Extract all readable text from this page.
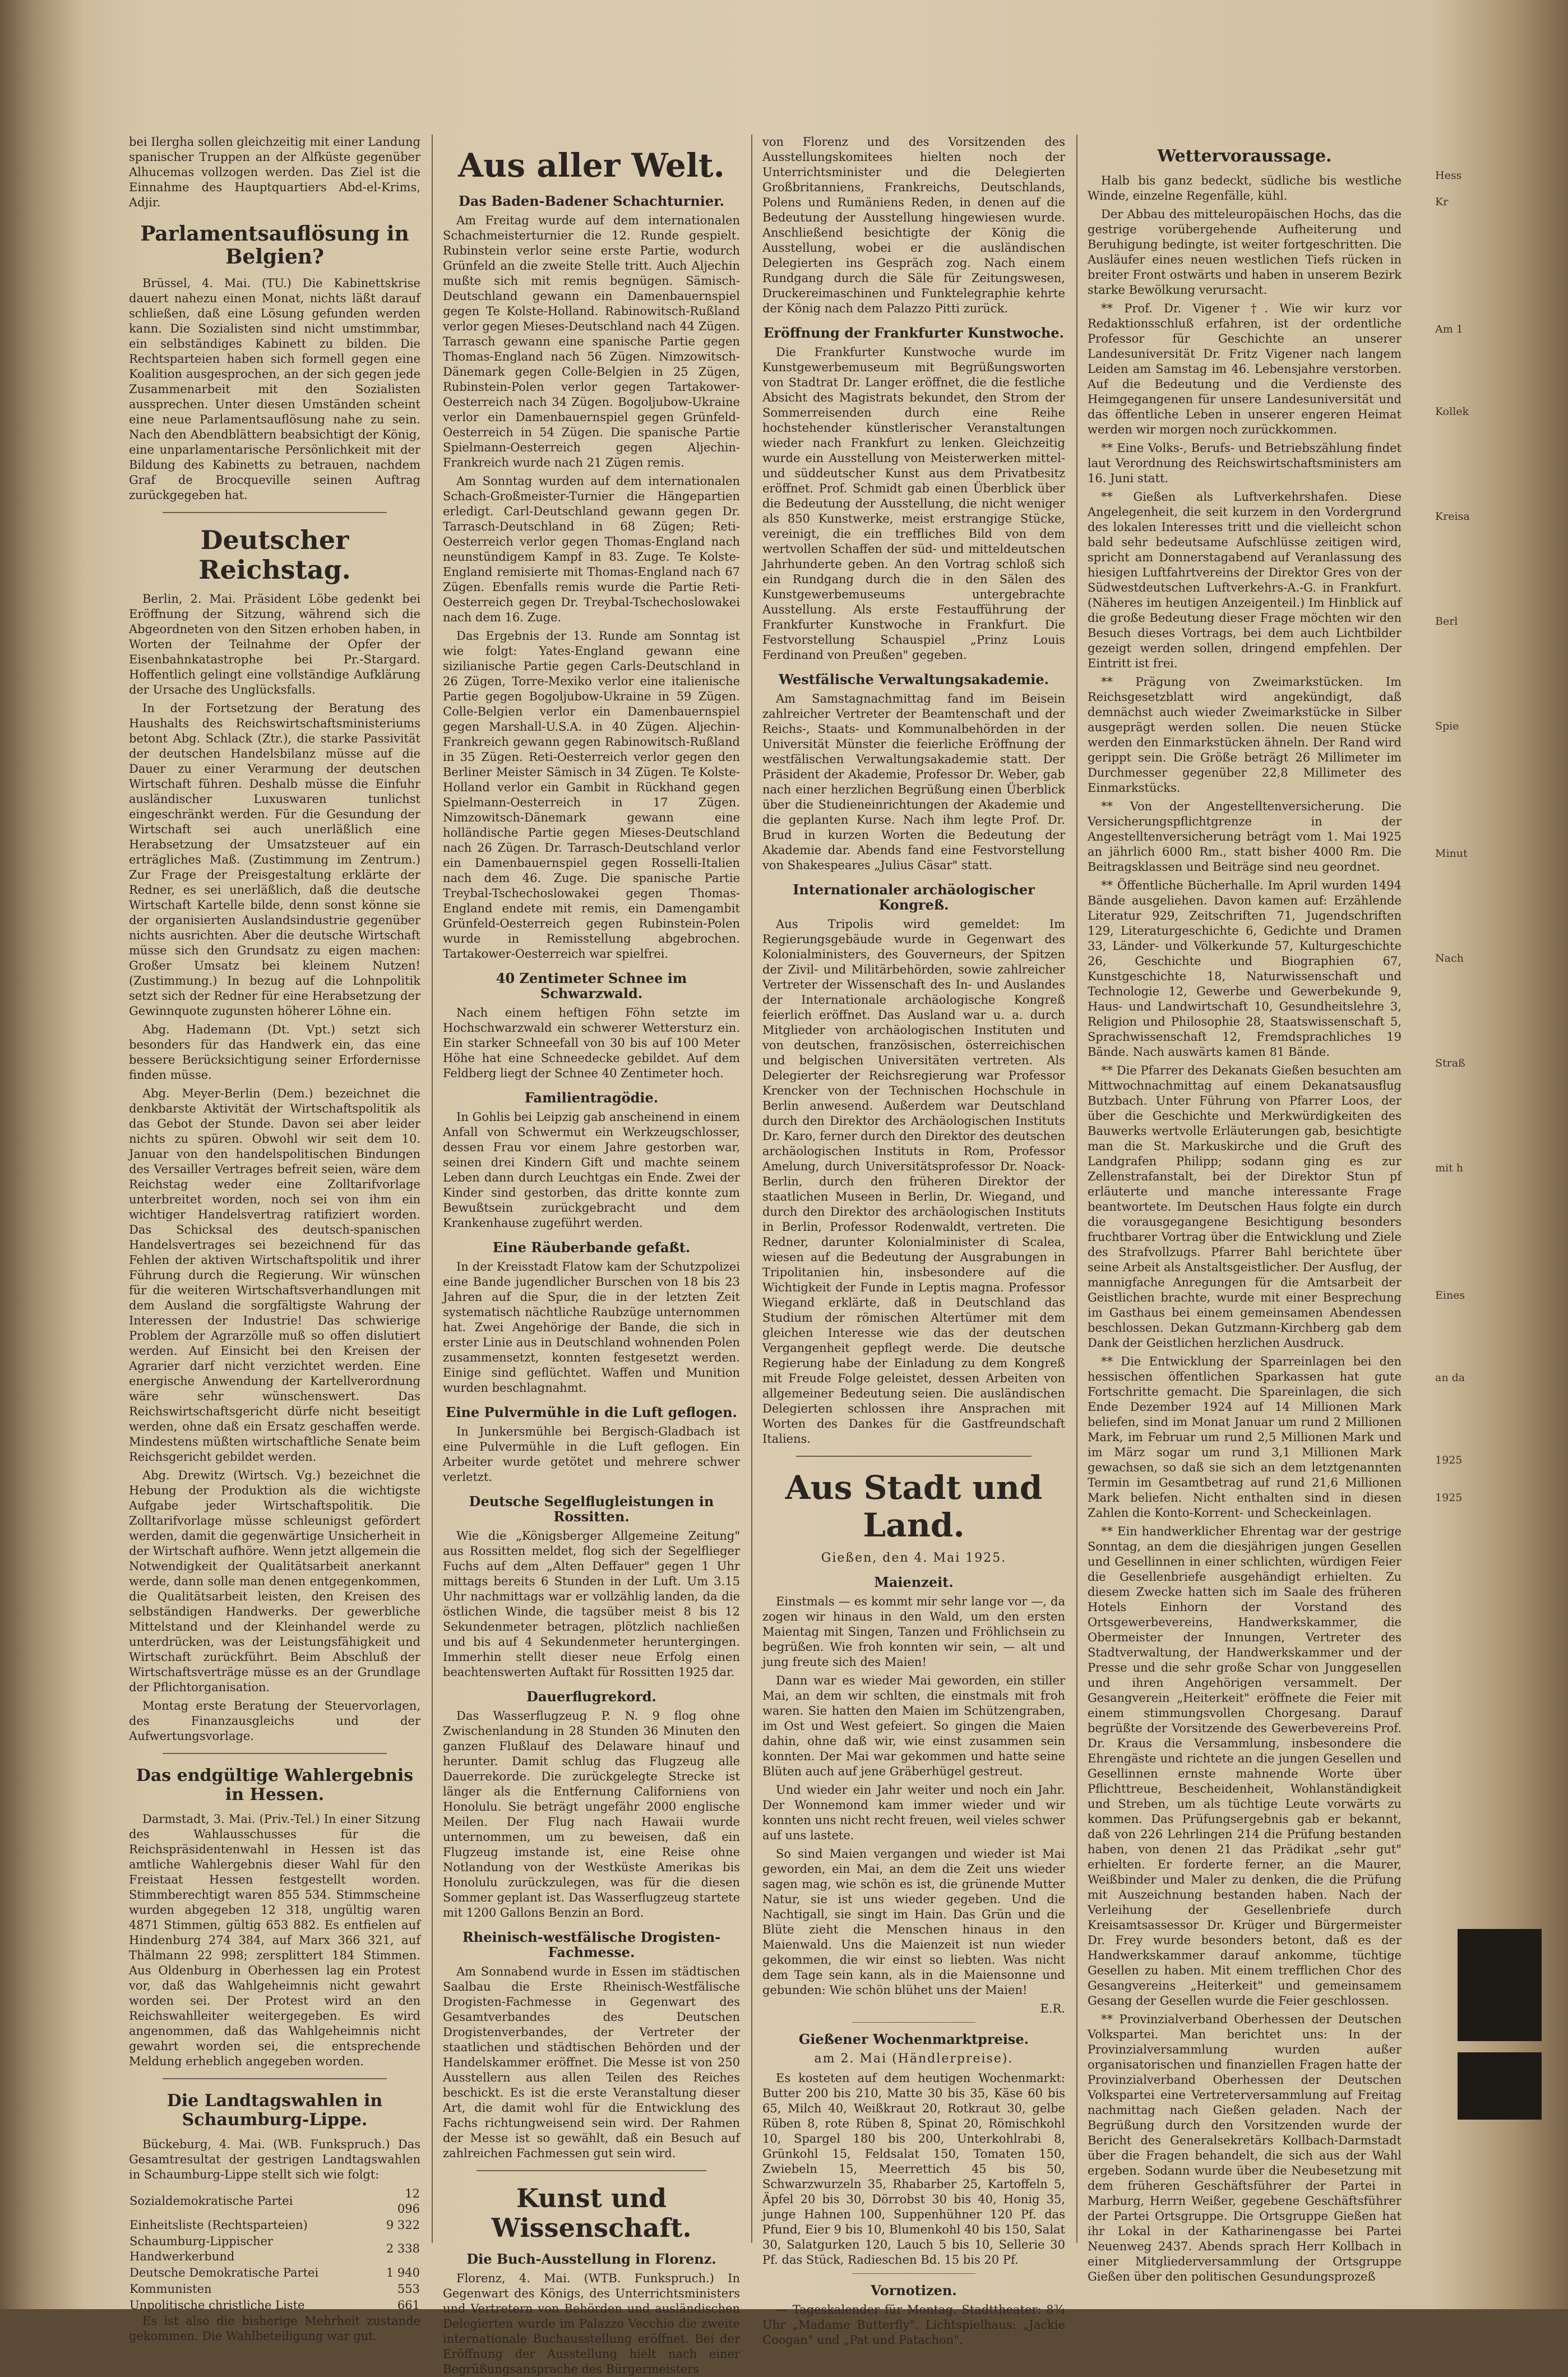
bei Ilergha sollen gleichzeitig mit einer Landung spanischer Truppen an der Alfküste gegenüber Alhucemas vollzogen werden. Das Ziel ist die Einnahme des Hauptquartiers Abd-el-Krims, Adjir.

Parlamentsauflösung in Belgien?

Brüssel, 4. Mai. (TU.) Die Kabinettskrise dauert nahezu einen Monat, nichts läßt darauf schließen, daß eine Lösung gefunden werden kann. Die Sozialisten sind nicht umstimmbar, ein selbständiges Kabinett zu bilden. Die Rechtsparteien haben sich formell gegen eine Koalition ausgesprochen, an der sich gegen jede Zusammenarbeit mit den Sozialisten aussprechen. Unter diesen Umständen scheint eine neue Parlamentsauflösung nahe zu sein. Nach den Abendblättern beabsichtigt der König, eine unparlamentarische Persönlichkeit mit der Bildung des Kabinetts zu betrauen, nachdem Graf de Brocqueville seinen Auftrag zurückgegeben hat.

Deutscher Reichstag.

Berlin, 2. Mai. Präsident Löbe gedenkt bei Eröffnung der Sitzung, während sich die Abgeordneten von den Sitzen erhoben haben, in Worten der Teilnahme der Opfer der Eisenbahnkatastrophe bei Pr.-Stargard. Hoffentlich gelingt eine vollständige Aufklärung der Ursache des Unglücksfalls.

In der Fortsetzung der Beratung des Haushalts des Reichswirtschaftsministeriums betont Abg. Schlack (Ztr.), die starke Passivität der deutschen Handelsbilanz müsse auf die Dauer zu einer Verarmung der deutschen Wirtschaft führen. Deshalb müsse die Einfuhr ausländischer Luxuswaren tunlichst eingeschränkt werden. Für die Gesundung der Wirtschaft sei auch unerläßlich eine Herabsetzung der Umsatzsteuer auf ein erträgliches Maß. (Zustimmung im Zentrum.) Zur Frage der Preisgestaltung erklärte der Redner, es sei unerläßlich, daß die deutsche Wirtschaft Kartelle bilde, denn sonst könne sie der organisierten Auslandsindustrie gegenüber nichts ausrichten. Aber die deutsche Wirtschaft müsse sich den Grundsatz zu eigen machen: Großer Umsatz bei kleinem Nutzen! (Zustimmung.) In bezug auf die Lohnpolitik setzt sich der Redner für eine Herabsetzung der Gewinnquote zugunsten höherer Löhne ein.

Abg. Hademann (Dt. Vpt.) setzt sich besonders für das Handwerk ein, das eine bessere Berücksichtigung seiner Erfordernisse finden müsse.

Abg. Meyer-Berlin (Dem.) bezeichnet die denkbarste Aktivität der Wirtschaftspolitik als das Gebot der Stunde. Davon sei aber leider nichts zu spüren. Obwohl wir seit dem 10. Januar von den handelspolitischen Bindungen des Versailler Vertrages befreit seien, wäre dem Reichstag weder eine Zolltarifvorlage unterbreitet worden, noch sei von ihm ein wichtiger Handelsvertrag ratifiziert worden. Das Schicksal des deutsch-spanischen Handelsvertrages sei bezeichnend für das Fehlen der aktiven Wirtschaftspolitik und ihrer Führung durch die Regierung. Wir wünschen für die weiteren Wirtschaftsverhandlungen mit dem Ausland die sorgfältigste Wahrung der Interessen der Industrie! Das schwierige Problem der Agrarzölle muß so offen dislutiert werden. Auf Einsicht bei den Kreisen der Agrarier darf nicht verzichtet werden. Eine energische Anwendung der Kartellverordnung wäre sehr wünschenswert. Das Reichswirtschaftsgericht dürfe nicht beseitigt werden, ohne daß ein Ersatz geschaffen werde. Mindestens müßten wirtschaftliche Senate beim Reichsgericht gebildet werden.

Abg. Drewitz (Wirtsch. Vg.) bezeichnet die Hebung der Produktion als die wichtigste Aufgabe jeder Wirtschaftspolitik. Die Zolltarifvorlage müsse schleunigst gefördert werden, damit die gegenwärtige Unsicherheit in der Wirtschaft aufhöre. Wenn jetzt allgemein die Notwendigkeit der Qualitätsarbeit anerkannt werde, dann solle man denen entgegenkommen, die Qualitätsarbeit leisten, den Kreisen des selbständigen Handwerks. Der gewerbliche Mittelstand und der Kleinhandel werde zu unterdrücken, was der Leistungsfähigkeit und Wirtschaft zurückführt. Beim Abschluß der Wirtschaftsverträge müsse es an der Grundlage der Pflichtorganisation.

Montag erste Beratung der Steuervorlagen, des Finanzausgleichs und der Aufwertungsvorlage.

Das endgültige Wahlergebnis in Hessen.

Darmstadt, 3. Mai. (Priv.-Tel.) In einer Sitzung des Wahlausschusses für die Reichspräsidentenwahl in Hessen ist das amtliche Wahlergebnis dieser Wahl für den Freistaat Hessen festgestellt worden. Stimmberechtigt waren 855 534. Stimmscheine wurden abgegeben 12 318, ungültig waren 4871 Stimmen, gültig 653 882. Es entfielen auf Hindenburg 274 384, auf Marx 366 321, auf Thälmann 22 998; zersplittert 184 Stimmen. Aus Oldenburg in Oberhessen lag ein Protest vor, daß das Wahlgeheimnis nicht gewahrt worden sei. Der Protest wird an den Reichswahlleiter weitergegeben. Es wird angenommen, daß das Wahlgeheimnis nicht gewahrt worden sei, die entsprechende Meldung erheblich angegeben worden.

Die Landtagswahlen in Schaumburg-Lippe.

Bückeburg, 4. Mai. (WB. Funkspruch.) Das Gesamtresultat der gestrigen Landtagswahlen in Schaumburg-Lippe stellt sich wie folgt:

Sozialdemokratische Partei	12 096
Einheitsliste (Rechtsparteien)	9 322
Schaumburg-Lippischer Handwerkerbund	2 338
Deutsche Demokratische Partei	1 940
Kommunisten	553
Unpolitische christliche Liste	661

Es ist also die bisherige Mehrheit zustande gekommen. Die Wahlbeteiligung war gut.

Aus aller Welt.
Das Baden-Badener Schachturnier.

Am Freitag wurde auf dem internationalen Schachmeisterturnier die 12. Runde gespielt. Rubinstein verlor seine erste Partie, wodurch Grünfeld an die zweite Stelle tritt. Auch Aljechin mußte sich mit remis begnügen. Sämisch-Deutschland gewann ein Damenbauernspiel gegen Te Kolste-Holland. Rabinowitsch-Rußland verlor gegen Mieses-Deutschland nach 44 Zügen. Tarrasch gewann eine spanische Partie gegen Thomas-England nach 56 Zügen. Nimzowitsch-Dänemark gegen Colle-Belgien in 25 Zügen, Rubinstein-Polen verlor gegen Tartakower-Oesterreich nach 34 Zügen. Bogoljubow-Ukraine verlor ein Damenbauernspiel gegen Grünfeld-Oesterreich in 54 Zügen. Die spanische Partie Spielmann-Oesterreich gegen Aljechin-Frankreich wurde nach 21 Zügen remis.

Am Sonntag wurden auf dem internationalen Schach-Großmeister-Turnier die Hängepartien erledigt. Carl-Deutschland gewann gegen Dr. Tarrasch-Deutschland in 68 Zügen; Reti-Oesterreich verlor gegen Thomas-England nach neunstündigem Kampf in 83. Zuge. Te Kolste-England remisierte mit Thomas-England nach 67 Zügen. Ebenfalls remis wurde die Partie Reti-Oesterreich gegen Dr. Treybal-Tschechoslowakei nach dem 16. Zuge.

Das Ergebnis der 13. Runde am Sonntag ist wie folgt: Yates-England gewann eine sizilianische Partie gegen Carls-Deutschland in 26 Zügen, Torre-Mexiko verlor eine italienische Partie gegen Bogoljubow-Ukraine in 59 Zügen. Colle-Belgien verlor ein Damenbauernspiel gegen Marshall-U.S.A. in 40 Zügen. Aljechin-Frankreich gewann gegen Rabinowitsch-Rußland in 35 Zügen. Reti-Oesterreich verlor gegen den Berliner Meister Sämisch in 34 Zügen. Te Kolste-Holland verlor ein Gambit in Rückhand gegen Spielmann-Oesterreich in 17 Zügen. Nimzowitsch-Dänemark gewann eine holländische Partie gegen Mieses-Deutschland nach 26 Zügen. Dr. Tarrasch-Deutschland verlor ein Damenbauernspiel gegen Rosselli-Italien nach dem 46. Zuge. Die spanische Partie Treybal-Tschechoslowakei gegen Thomas-England endete mit remis, ein Damengambit Grünfeld-Oesterreich gegen Rubinstein-Polen wurde in Remisstellung abgebrochen. Tartakower-Oesterreich war spielfrei.

40 Zentimeter Schnee im Schwarzwald.

Nach einem heftigen Föhn setzte im Hochschwarzwald ein schwerer Wettersturz ein. Ein starker Schneefall von 30 bis auf 100 Meter Höhe hat eine Schneedecke gebildet. Auf dem Feldberg liegt der Schnee 40 Zentimeter hoch.

Familientragödie.

In Gohlis bei Leipzig gab anscheinend in einem Anfall von Schwermut ein Werkzeugschlosser, dessen Frau vor einem Jahre gestorben war, seinen drei Kindern Gift und machte seinem Leben dann durch Leuchtgas ein Ende. Zwei der Kinder sind gestorben, das dritte konnte zum Bewußtsein zurückgebracht und dem Krankenhause zugeführt werden.

Eine Räuberbande gefaßt.

In der Kreisstadt Flatow kam der Schutzpolizei eine Bande jugendlicher Burschen von 18 bis 23 Jahren auf die Spur, die in der letzten Zeit systematisch nächtliche Raubzüge unternommen hat. Zwei Angehörige der Bande, die sich in erster Linie aus in Deutschland wohnenden Polen zusammensetzt, konnten festgesetzt werden. Einige sind geflüchtet. Waffen und Munition wurden beschlagnahmt.

Eine Pulvermühle in die Luft geflogen.

In Junkersmühle bei Bergisch-Gladbach ist eine Pulvermühle in die Luft geflogen. Ein Arbeiter wurde getötet und mehrere schwer verletzt.

Deutsche Segelflugleistungen in Rossitten.

Wie die „Königsberger Allgemeine Zeitung" aus Rossitten meldet, flog sich der Segelflieger Fuchs auf dem „Alten Deffauer" gegen 1 Uhr mittags bereits 6 Stunden in der Luft. Um 3.15 Uhr nachmittags war er vollzählig landen, da die östlichen Winde, die tagsüber meist 8 bis 12 Sekundenmeter betragen, plötzlich nachließen und bis auf 4 Sekundenmeter heruntergingen. Immerhin stellt dieser neue Erfolg einen beachtenswerten Auftakt für Rossitten 1925 dar.

Dauerflugrekord.

Das Wasserflugzeug P. N. 9 flog ohne Zwischenlandung in 28 Stunden 36 Minuten den ganzen Flußlauf des Delaware hinauf und herunter. Damit schlug das Flugzeug alle Dauerrekorde. Die zurückgelegte Strecke ist länger als die Entfernung Californiens von Honolulu. Sie beträgt ungefähr 2000 englische Meilen. Der Flug nach Hawaii wurde unternommen, um zu beweisen, daß ein Flugzeug imstande ist, eine Reise ohne Notlandung von der Westküste Amerikas bis Honolulu zurückzulegen, was für die diesen Sommer geplant ist. Das Wasserflugzeug startete mit 1200 Gallons Benzin an Bord.

Rheinisch-westfälische Drogisten-Fachmesse.

Am Sonnabend wurde in Essen im städtischen Saalbau die Erste Rheinisch-Westfälische Drogisten-Fachmesse in Gegenwart des Gesamtverbandes des Deutschen Drogistenverbandes, der Vertreter der staatlichen und städtischen Behörden und der Handelskammer eröffnet. Die Messe ist von 250 Ausstellern aus allen Teilen des Reiches beschickt. Es ist die erste Veranstaltung dieser Art, die damit wohl für die Entwicklung des Fachs richtungweisend sein wird. Der Rahmen der Messe ist so gewählt, daß ein Besuch auf zahlreichen Fachmessen gut sein wird.

Kunst und Wissenschaft.
Die Buch-Ausstellung in Florenz.

Florenz, 4. Mai. (WTB. Funkspruch.) In Gegenwart des Königs, des Unterrichtsministers und Vertretern von Behörden und ausländischen Delegierten wurde im Palazzo Vecchio die zweite internationale Buchausstellung eröffnet. Bei der Eröffnung der Ausstellung hielt nach einer Begrüßungsansprache des Bürgermeisters

von Florenz und des Vorsitzenden des Ausstellungskomitees hielten noch der Unterrichtsminister und die Delegierten Großbritanniens, Frankreichs, Deutschlands, Polens und Rumäniens Reden, in denen auf die Bedeutung der Ausstellung hingewiesen wurde. Anschließend besichtigte der König die Ausstellung, wobei er die ausländischen Delegierten ins Gespräch zog. Nach einem Rundgang durch die Säle für Zeitungswesen, Druckereimaschinen und Funktelegraphie kehrte der König nach dem Palazzo Pitti zurück.

Eröffnung der Frankfurter Kunstwoche.

Die Frankfurter Kunstwoche wurde im Kunstgewerbemuseum mit Begrüßungsworten von Stadtrat Dr. Langer eröffnet, die die festliche Absicht des Magistrats bekundet, den Strom der Sommerreisenden durch eine Reihe hochstehender künstlerischer Veranstaltungen wieder nach Frankfurt zu lenken. Gleichzeitig wurde ein Ausstellung von Meisterwerken mittel- und süddeutscher Kunst aus dem Privatbesitz eröffnet. Prof. Schmidt gab einen Überblick über die Bedeutung der Ausstellung, die nicht weniger als 850 Kunstwerke, meist erstrangige Stücke, vereinigt, die ein treffliches Bild von dem wertvollen Schaffen der süd- und mitteldeutschen Jahrhunderte geben. An den Vortrag schloß sich ein Rundgang durch die in den Sälen des Kunstgewerbemuseums untergebrachte Ausstellung. Als erste Festaufführung der Frankfurter Kunstwoche in Frankfurt. Die Festvorstellung Schauspiel „Prinz Louis Ferdinand von Preußen" gegeben.

Westfälische Verwaltungsakademie.

Am Samstagnachmittag fand im Beisein zahlreicher Vertreter der Beamtenschaft und der Reichs-, Staats- und Kommunalbehörden in der Universität Münster die feierliche Eröffnung der westfälischen Verwaltungsakademie statt. Der Präsident der Akademie, Professor Dr. Weber, gab nach einer herzlichen Begrüßung einen Überblick über die Studieneinrichtungen der Akademie und die geplanten Kurse. Nach ihm legte Prof. Dr. Brud in kurzen Worten die Bedeutung der Akademie dar. Abends fand eine Festvorstellung von Shakespeares „Julius Cäsar" statt.

Internationaler archäologischer Kongreß.

Aus Tripolis wird gemeldet: Im Regierungsgebäude wurde in Gegenwart des Kolonialministers, des Gouverneurs, der Spitzen der Zivil- und Militärbehörden, sowie zahlreicher Vertreter der Wissenschaft des In- und Auslandes der Internationale archäologische Kongreß feierlich eröffnet. Das Ausland war u. a. durch Mitglieder von archäologischen Instituten und von deutschen, französischen, österreichischen und belgischen Universitäten vertreten. Als Delegierter der Reichsregierung war Professor Krencker von der Technischen Hochschule in Berlin anwesend. Außerdem war Deutschland durch den Direktor des Archäologischen Instituts Dr. Karo, ferner durch den Direktor des deutschen archäologischen Instituts in Rom, Professor Amelung, durch Universitätsprofessor Dr. Noack-Berlin, durch den früheren Direktor der staatlichen Museen in Berlin, Dr. Wiegand, und durch den Direktor des archäologischen Instituts in Berlin, Professor Rodenwaldt, vertreten. Die Redner, darunter Kolonialminister di Scalea, wiesen auf die Bedeutung der Ausgrabungen in Tripolitanien hin, insbesondere auf die Wichtigkeit der Funde in Leptis magna. Professor Wiegand erklärte, daß in Deutschland das Studium der römischen Altertümer mit dem gleichen Interesse wie das der deutschen Vergangenheit gepflegt werde. Die deutsche Regierung habe der Einladung zu dem Kongreß mit Freude Folge geleistet, dessen Arbeiten von allgemeiner Bedeutung seien. Die ausländischen Delegierten schlossen ihre Ansprachen mit Worten des Dankes für die Gastfreundschaft Italiens.

Aus Stadt und Land.
Gießen, den 4. Mai 1925.
Maienzeit.

Einstmals — es kommt mir sehr lange vor —, da zogen wir hinaus in den Wald, um den ersten Maientag mit Singen, Tanzen und Fröhlichsein zu begrüßen. Wie froh konnten wir sein, — alt und jung freute sich des Maien!

Dann war es wieder Mai geworden, ein stiller Mai, an dem wir schlten, die einstmals mit froh waren. Sie hatten den Maien im Schützengraben, im Ost und West gefeiert. So gingen die Maien dahin, ohne daß wir, wie einst zusammen sein konnten. Der Mai war gekommen und hatte seine Blüten auch auf jene Gräberhügel gestreut.

Und wieder ein Jahr weiter und noch ein Jahr. Der Wonnemond kam immer wieder und wir konnten uns nicht recht freuen, weil vieles schwer auf uns lastete.

So sind Maien vergangen und wieder ist Mai geworden, ein Mai, an dem die Zeit uns wieder sagen mag, wie schön es ist, die grünende Mutter Natur, sie ist uns wieder gegeben. Und die Nachtigall, sie singt im Hain. Das Grün und die Blüte zieht die Menschen hinaus in den Maienwald. Uns die Maienzeit ist nun wieder gekommen, die wir einst so liebten. Was nicht dem Tage sein kann, als in die Maiensonne und gebunden: Wie schön blühet uns der Maien!

E.R.
Gießener Wochenmarktpreise.
am 2. Mai (Händlerpreise).

Es kosteten auf dem heutigen Wochenmarkt: Butter 200 bis 210, Matte 30 bis 35, Käse 60 bis 65, Milch 40, Weißkraut 20, Rotkraut 30, gelbe Rüben 8, rote Rüben 8, Spinat 20, Römischkohl 10, Spargel 180 bis 200, Unterkohlrabi 8, Grünkohl 15, Feldsalat 150, Tomaten 150, Zwiebeln 15, Meerrettich 45 bis 50, Schwarzwurzeln 35, Rhabarber 25, Kartoffeln 5, Äpfel 20 bis 30, Dörrobst 30 bis 40, Honig 35, junge Hahnen 100, Suppenhühner 120 Pf. das Pfund, Eier 9 bis 10, Blumenkohl 40 bis 150, Salat 30, Salatgurken 120, Lauch 5 bis 10, Sellerie 30 Pf. das Stück, Radieschen Bd. 15 bis 20 Pf.

Vornotizen.

— Tageskalender für Montag. Stadttheater: 8¾ Uhr „Madame Butterfly". Lichtspielhaus: „Jackie Coogan" und „Pat und Patachon".

Wettervoraussage.

Halb bis ganz bedeckt, südliche bis westliche Winde, einzelne Regenfälle, kühl.

Der Abbau des mitteleuropäischen Hochs, das die gestrige vorübergehende Aufheiterung und Beruhigung bedingte, ist weiter fortgeschritten. Die Ausläufer eines neuen westlichen Tiefs rücken in breiter Front ostwärts und haben in unserem Bezirk starke Bewölkung verursacht.

** Prof. Dr. Vigener †. Wie wir kurz vor Redaktionsschluß erfahren, ist der ordentliche Professor für Geschichte an unserer Landesuniversität Dr. Fritz Vigener nach langem Leiden am Samstag im 46. Lebensjahre verstorben. Auf die Bedeutung und die Verdienste des Heimgegangenen für unsere Landesuniversität und das öffentliche Leben in unserer engeren Heimat werden wir morgen noch zurückkommen.

** Eine Volks-, Berufs- und Betriebszählung findet laut Verordnung des Reichswirtschaftsministers am 16. Juni statt.

** Gießen als Luftverkehrshafen. Diese Angelegenheit, die seit kurzem in den Vordergrund des lokalen Interesses tritt und die vielleicht schon bald sehr bedeutsame Aufschlüsse zeitigen wird, spricht am Donnerstagabend auf Veranlassung des hiesigen Luftfahrtvereins der Direktor Gres von der Südwestdeutschen Luftverkehrs-A.-G. in Frankfurt. (Näheres im heutigen Anzeigenteil.) Im Hinblick auf die große Bedeutung dieser Frage möchten wir den Besuch dieses Vortrags, bei dem auch Lichtbilder gezeigt werden sollen, dringend empfehlen. Der Eintritt ist frei.

** Prägung von Zweimarkstücken. Im Reichsgesetzblatt wird angekündigt, daß demnächst auch wieder Zweimarkstücke in Silber ausgeprägt werden sollen. Die neuen Stücke werden den Einmarkstücken ähneln. Der Rand wird gerippt sein. Die Größe beträgt 26 Millimeter im Durchmesser gegenüber 22,8 Millimeter des Einmarkstücks.

** Von der Angestelltenversicherung. Die Versicherungspflichtgrenze in der Angestelltenversicherung beträgt vom 1. Mai 1925 an jährlich 6000 Rm., statt bisher 4000 Rm. Die Beitragsklassen und Beiträge sind neu geordnet.

** Öffentliche Bücherhalle. Im April wurden 1494 Bände ausgeliehen. Davon kamen auf: Erzählende Literatur 929, Zeitschriften 71, Jugendschriften 129, Literaturgeschichte 6, Gedichte und Dramen 33, Länder- und Völkerkunde 57, Kulturgeschichte 26, Geschichte und Biographien 67, Kunstgeschichte 18, Naturwissenschaft und Technologie 12, Gewerbe und Gewerbekunde 9, Haus- und Landwirtschaft 10, Gesundheitslehre 3, Religion und Philosophie 28, Staatswissenschaft 5, Sprachwissenschaft 12, Fremdsprachliches 19 Bände. Nach auswärts kamen 81 Bände.

** Die Pfarrer des Dekanats Gießen besuchten am Mittwochnachmittag auf einem Dekanatsausflug Butzbach. Unter Führung von Pfarrer Loos, der über die Geschichte und Merkwürdigkeiten des Bauwerks wertvolle Erläuterungen gab, besichtigte man die St. Markuskirche und die Gruft des Landgrafen Philipp; sodann ging es zur Zellenstrafanstalt, bei der Direktor Stun pf erläuterte und manche interessante Frage beantwortete. Im Deutschen Haus folgte ein durch die vorausgegangene Besichtigung besonders fruchtbarer Vortrag über die Entwicklung und Ziele des Strafvollzugs. Pfarrer Bahl berichtete über seine Arbeit als Anstaltsgeistlicher. Der Ausflug, der mannigfache Anregungen für die Amtsarbeit der Geistlichen brachte, wurde mit einer Besprechung im Gasthaus bei einem gemeinsamen Abendessen beschlossen. Dekan Gutzmann-Kirchberg gab dem Dank der Geistlichen herzlichen Ausdruck.

** Die Entwicklung der Sparreinlagen bei den hessischen öffentlichen Sparkassen hat gute Fortschritte gemacht. Die Spareinlagen, die sich Ende Dezember 1924 auf 14 Millionen Mark beliefen, sind im Monat Januar um rund 2 Millionen Mark, im Februar um rund 2,5 Millionen Mark und im März sogar um rund 3,1 Millionen Mark gewachsen, so daß sie sich an dem letztgenannten Termin im Gesamtbetrag auf rund 21,6 Millionen Mark beliefen. Nicht enthalten sind in diesen Zahlen die Konto-Korrent- und Scheckeinlagen.

** Ein handwerklicher Ehrentag war der gestrige Sonntag, an dem die diesjährigen jungen Gesellen und Gesellinnen in einer schlichten, würdigen Feier die Gesellenbriefe ausgehändigt erhielten. Zu diesem Zwecke hatten sich im Saale des früheren Hotels Einhorn der Vorstand des Ortsgewerbevereins, Handwerkskammer, die Obermeister der Innungen, Vertreter des Stadtverwaltung, der Handwerkskammer und der Presse und die sehr große Schar von Junggesellen und ihren Angehörigen versammelt. Der Gesangverein „Heiterkeit" eröffnete die Feier mit einem stimmungsvollen Chorgesang. Darauf begrüßte der Vorsitzende des Gewerbevereins Prof. Dr. Kraus die Versammlung, insbesondere die Ehrengäste und richtete an die jungen Gesellen und Gesellinnen ernste mahnende Worte über Pflichttreue, Bescheidenheit, Wohlanständigkeit und Streben, um als tüchtige Leute vorwärts zu kommen. Das Prüfungsergebnis gab er bekannt, daß von 226 Lehrlingen 214 die Prüfung bestanden haben, von denen 21 das Prädikat „sehr gut" erhielten. Er forderte ferner, an die Maurer, Weißbinder und Maler zu denken, die die Prüfung mit Auszeichnung bestanden haben. Nach der Verleihung der Gesellenbriefe durch Kreisamtsassessor Dr. Krüger und Bürgermeister Dr. Frey wurde besonders betont, daß es der Handwerkskammer darauf ankomme, tüchtige Gesellen zu haben. Mit einem trefflichen Chor des Gesangvereins „Heiterkeit" und gemeinsamem Gesang der Gesellen wurde die Feier geschlossen.

** Provinzialverband Oberhessen der Deutschen Volkspartei. Man berichtet uns: In der Provinzialversammlung wurden außer organisatorischen und finanziellen Fragen hatte der Provinzialverband Oberhessen der Deutschen Volkspartei eine Vertreterversammlung auf Freitag nachmittag nach Gießen geladen. Nach der Begrüßung durch den Vorsitzenden wurde der Bericht des Generalsekretärs Kollbach-Darmstadt über die Fragen behandelt, die sich aus der Wahl ergeben. Sodann wurde über die Neubesetzung mit dem früheren Geschäftsführer der Partei in Marburg, Herrn Weißer, gegebene Geschäftsführer der Partei Ortsgruppe. Die Ortsgruppe Gießen hat ihr Lokal in der Katharinengasse bei Partei Neuenweg 2437. Abends sprach Herr Kollbach in einer Mitgliederversammlung der Ortsgruppe Gießen über den politischen Gesundungsprozeß

Hess
Kr
Am 1
Kollek
Kreisa
Berl
Spie
Minut
Nach
Straß
mit h
Eines
an da
1925
1925
